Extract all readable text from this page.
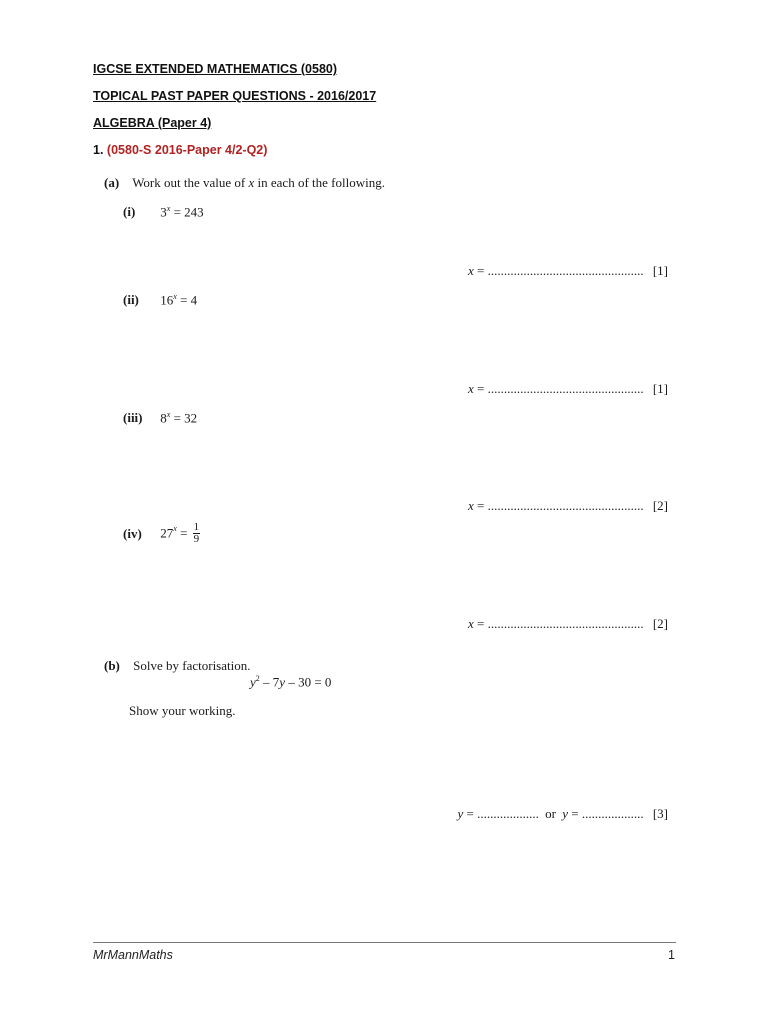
IGCSE EXTENDED MATHEMATICS (0580)
TOPICAL PAST PAPER QUESTIONS - 2016/2017
ALGEBRA (Paper 4)
1. (0580-S 2016-Paper 4/2-Q2)
(a) Work out the value of x in each of the following.
(i) $3^x = 243$
x = ................................................ [1]
(ii) $16^x = 4$
x = ................................................ [1]
(iii) $8^x = 32$
x = ................................................ [2]
(iv) $27^x = \frac{1}{9}$
x = ................................................ [2]
(b) Solve by factorisation.
$y^2 - 7y - 30 = 0$
Show your working.
y = ................... or y = ................... [3]
MrMannMaths	1
